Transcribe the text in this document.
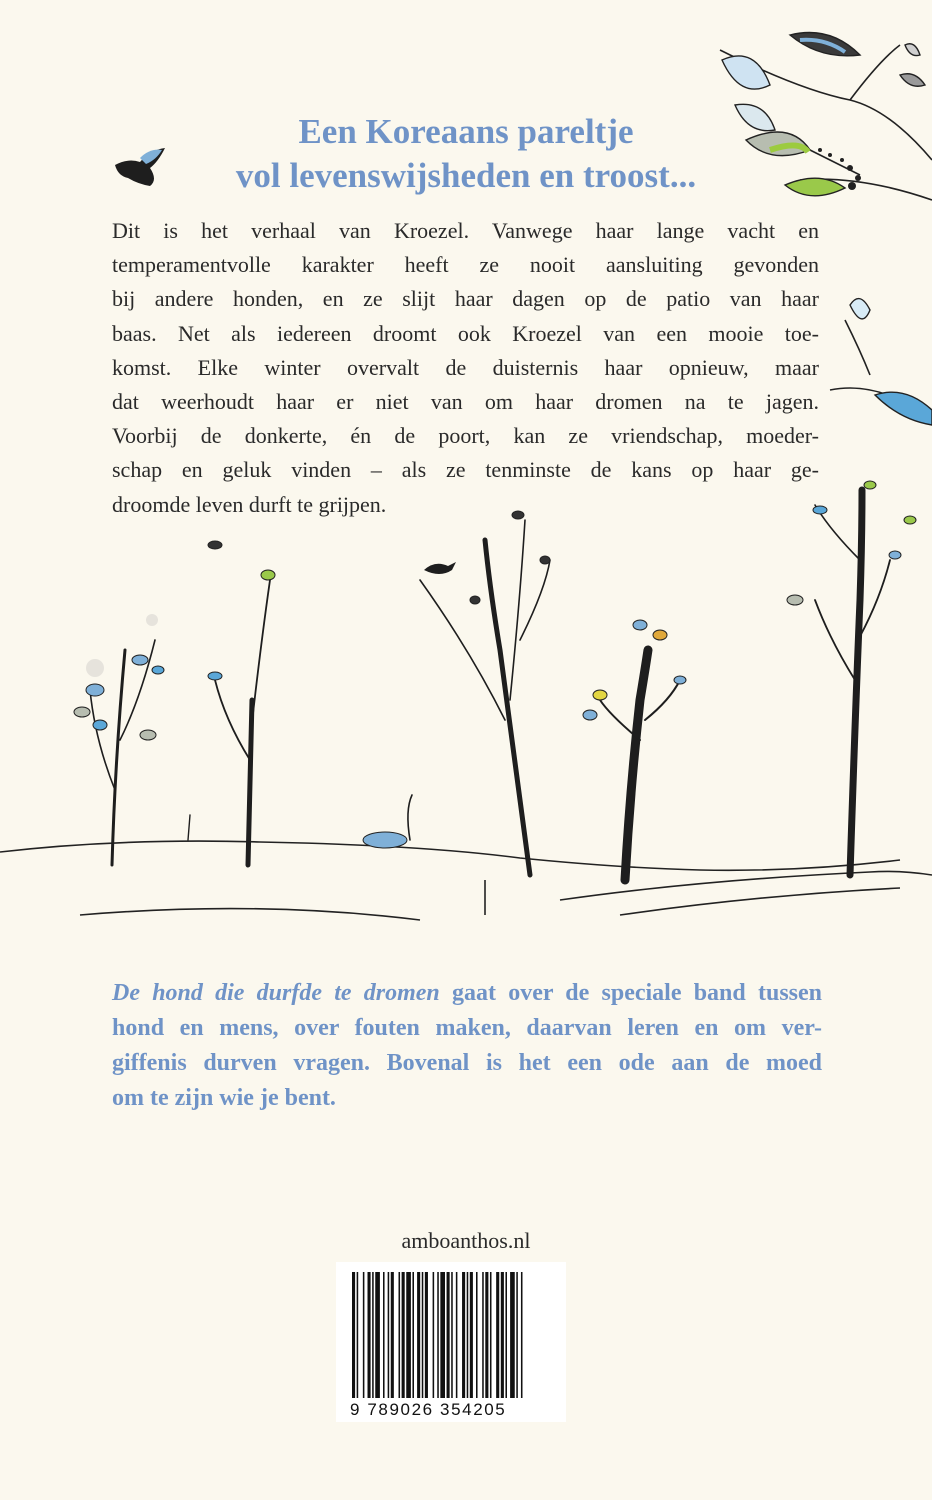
Een Koreaans pareltje
vol levenswijsheden en troost...

Dit is het verhaal van Kroezel. Vanwege haar lange vacht en
temperamentvolle karakter heeft ze nooit aansluiting gevonden
bij andere honden, en ze slijt haar dagen op de patio van haar
baas. Net als iedereen droomt ook Kroezel van een mooie toe-
komst. Elke winter overvalt de duisternis haar opnieuw, maar
dat weerhoudt haar er niet van om haar dromen na te jagen.
Voorbij de donkerte, én de poort, kan ze vriendschap, moeder-
schap en geluk vinden – als ze tenminste de kans op haar ge-
droomde leven durft te grijpen.

De hond die durfde te dromen gaat over de speciale band tussen
hond en mens, over fouten maken, daarvan leren en om ver-
giffenis durven vragen. Bovenal is het een ode aan de moed
om te zijn wie je bent.

amboanthos.nl
9 789026 354205
